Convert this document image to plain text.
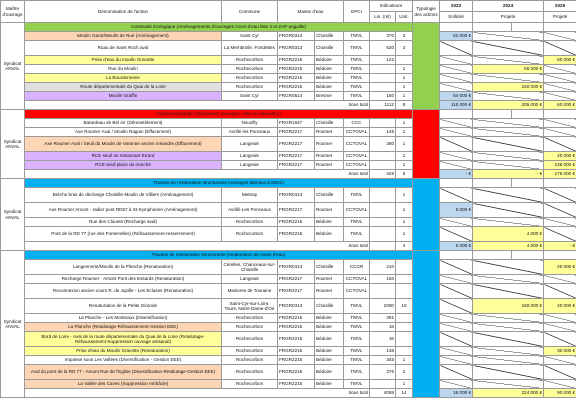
Maître d'ouvrage	Dénomination de l'action	Commune	Masse d'eau		EPCI	Indicateurs		Typologie des actions	2023	2024		2025
						Lin. (ml)	Unit.		Sollicité	Projeté		Projeté
Syndicat ANVAL	Continuité écologique (Aménagements d'ouvrages cours d'eau liste 2 et ZAP anguille)											
	Moulin Garot/Moulin de Nué (Aménagement)	Saint Cyr	FRGR0313	Choisille	TMVL	370	3		62 000 €			
	Ruau de Saint Roch aval	La Membrolle, Fondettes	FRGR0313	Choisille	TMVL	620	2					
	Prise d'eau du moulin Gravotte	Rochecorbon	FRGR2215	Bédoire	TMVL	122						60 000 €
	Rue du Moulin	Rochecorbon	FRGR2215	Bédoire	TMVL		1			55 000 €		
	La Bourdonnerie	Rochecorbon	FRGR2215	Bédoire	TMVL		1					
	Route départementale du Quai de la Loire	Rochecorbon	FRGR2215	Bédoire	TMVL		1			150 000 €		
	Moulin Graffin	Saint Cyr	FRGR0514	Bresme	TMVL	150	1		54 000 €			
	Sous total					1112	9		116 000 €	205 000 €		60 000 €
Syndicat ANVAL	Hydromorphologie (effacement ouvrages, mise en dérivation)											
	Batardeau de Bel Air (Démantèlement)	Nouzilly	FRGR1647	Choisille	CCC		1					
	Axe Roumer Aval / Moulin Raguin (Effacement)	Avrillé les Ponceaux	FRGR2217	Roumer	CCTOVAL	145	1					
	Axe Roumer Aval / Seuil du Moulin de Varanne ancien méandre (Effacement)	Langeais	FRGR2217	Roumer	CCTOVAL	280	1					
	RCE seuil du restaurant Errard	Langeais	FRGR2217	Roumer	CCTOVAL		1					40 000 €
	RCE seuil place du marché	Langeais	FRGR2217	Roumer	CCTOVAL		1					136 000 €
	Sous total					425	5		- €	- €		176 000 €
Syndicat ANVAL	Travaux de restauration structurants (ouvrages latéraux à 50cm)											
	Brèche bras de décharge Choisille-Moulin de Villiers (Aménagement)	Mettray	FRGR0313	Choisille	TMVL		1					
	Axe Roumer Amont - radier pont RD57 à St-Symphorien (Aménagement)	Avrillé Les Ponceaux	FRGR2217	Roumer	CCTOVAL		1		5 000 €			
	Rue des Clouets (Recharge aval)	Rochecorbon	FRGR2215	Bédoire	TMVL		1					
	Pont de la RD 77 (rue des Fontenelles) (Réhaussement-resserrement)	Rochecorbon	FRGR2215	Bédoire	TMVL		1			4 000 €		
	Sous total						4		5 000 €	4 000 €		- €
Syndicat ANVAL	Travaux de restauration structurants (renaturation de cours d'eau)											
	Langennerie/Moulin de la Planche (Renaturation)	Cérelles, Chanceaux-sur-Choisille	FRGR0313	Choisille	CCGR	210						20 000 €
	Recharge Roumer - Amont Pont des Essards (Renaturation)	Langeais	FRGR2217	Roumer	CCTOVAL	150						
	Reconnexion ancien cours R. de Jupille - Les Ecluses (Renaturation)	Mazieres de Touraine	FRGR2217	Roumer	CCTOVAL							
	Renaturation de la Petite Gironde	Saint-Cyr-sur-Loire, Tours, Notre-Dame-d'Oé	FRGR0313	Choisille	TMVL	2000	10			160 000 €		40 000 €
	La Planche - Les Monteaux (Diversification)	Rochecorbon	FRGR2215	Bédoire	TMVL	391						
	La Planche (Retalutage-Réhaussement-Gestion EEE)	Rochecorbon	FRGR2215	Bédoire	TMVL	18						
	Bord de Loire - Aval de la route départementale du Quai de la Loire (Retalutage-Réhaussement-Suppression ouvrage artisanal)	Rochecorbon	FRGR2215	Bédoire	TMVL	16						
	Prise d'eau du Moulin Gravotte (Renaturation)	Rochecorbon	FRGR2215	Bédoire	TMVL	138						30 000 €
	Impasse sous Les Vallées (Diversification - Gestion EEE)	Rochecorbon	FRGR2215	Bédoire	TMVL	345	1					
	Aval du pont de la RD 77 - Amont Rue de l'Eglise (Diversification-Retalutage-Gestion EEE)	Rochecorbon	FRGR2215	Bédoire	TMVL	376	2					
	La Vallée des Caves (Suppression embâcle)	Rochecorbon	FRGR2215	Bédoire	TMVL		1					
	Sous total					4069	14		16 000 €	224 000 €		90 000 €
